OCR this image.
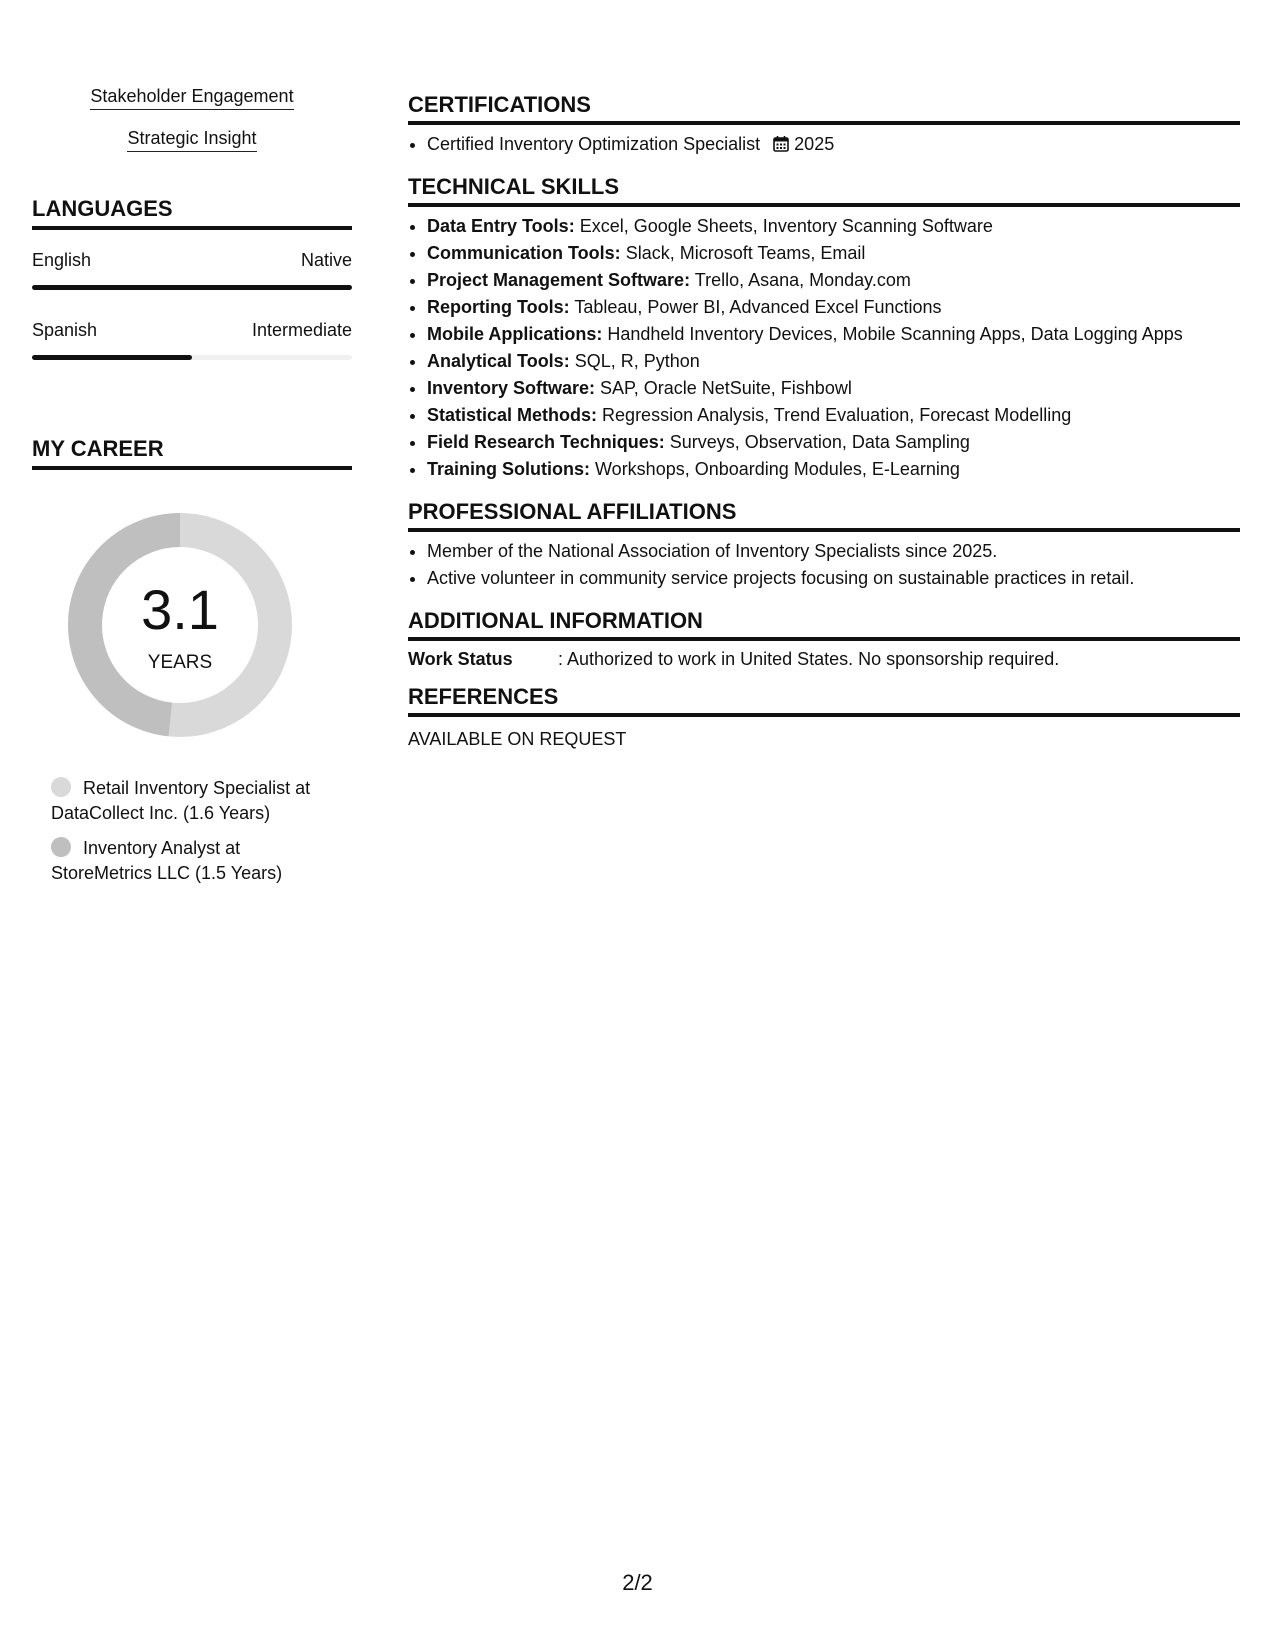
Stakeholder Engagement
Strategic Insight
LANGUAGES
English	Native
Spanish	Intermediate
MY CAREER
3.1
YEARS
Retail Inventory Specialist at
DataCollect Inc. (1.6 Years)
Inventory Analyst at
StoreMetrics LLC (1.5 Years)
CERTIFICATIONS
• Certified Inventory Optimization Specialist 2025
TECHNICAL SKILLS
• Data Entry Tools: Excel, Google Sheets, Inventory Scanning Software
• Communication Tools: Slack, Microsoft Teams, Email
• Project Management Software: Trello, Asana, Monday.com
• Reporting Tools: Tableau, Power BI, Advanced Excel Functions
• Mobile Applications: Handheld Inventory Devices, Mobile Scanning Apps, Data Logging Apps
• Analytical Tools: SQL, R, Python
• Inventory Software: SAP, Oracle NetSuite, Fishbowl
• Statistical Methods: Regression Analysis, Trend Evaluation, Forecast Modelling
• Field Research Techniques: Surveys, Observation, Data Sampling
• Training Solutions: Workshops, Onboarding Modules, E-Learning
PROFESSIONAL AFFILIATIONS
• Member of the National Association of Inventory Specialists since 2025.
• Active volunteer in community service projects focusing on sustainable practices in retail.
ADDITIONAL INFORMATION
Work Status	: Authorized to work in United States. No sponsorship required.
REFERENCES
AVAILABLE ON REQUEST
2/2
